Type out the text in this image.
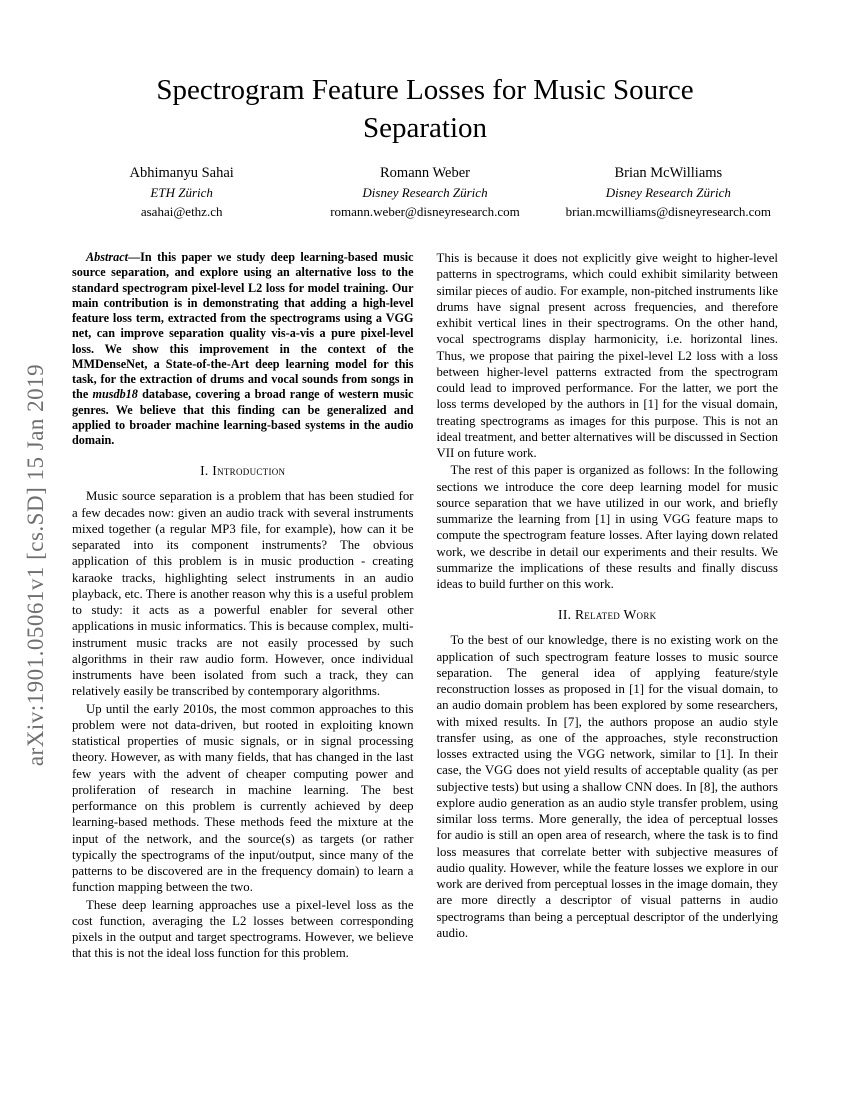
arXiv:1901.05061v1 [cs.SD] 15 Jan 2019
Spectrogram Feature Losses for Music Source Separation
Abhimanyu Sahai
ETH Zürich
asahai@ethz.ch
Romann Weber
Disney Research Zürich
romann.weber@disneyresearch.com
Brian McWilliams
Disney Research Zürich
brian.mcwilliams@disneyresearch.com

Abstract—In this paper we study deep learning-based music source separation, and explore using an alternative loss to the standard spectrogram pixel-level L2 loss for model training. Our main contribution is in demonstrating that adding a high-level feature loss term, extracted from the spectrograms using a VGG net, can improve separation quality vis-a-vis a pure pixel-level loss. We show this improvement in the context of the MMDenseNet, a State-of-the-Art deep learning model for this task, for the extraction of drums and vocal sounds from songs in the musdb18 database, covering a broad range of western music genres. We believe that this finding can be generalized and applied to broader machine learning-based systems in the audio domain.

I. Introduction

Music source separation is a problem that has been studied for a few decades now: given an audio track with several instruments mixed together (a regular MP3 file, for example), how can it be separated into its component instruments? The obvious application of this problem is in music production - creating karaoke tracks, highlighting select instruments in an audio playback, etc. There is another reason why this is a useful problem to study: it acts as a powerful enabler for several other applications in music informatics. This is because complex, multi-instrument music tracks are not easily processed by such algorithms in their raw audio form. However, once individual instruments have been isolated from such a track, they can relatively easily be transcribed by contemporary algorithms.

Up until the early 2010s, the most common approaches to this problem were not data-driven, but rooted in exploiting known statistical properties of music signals, or in signal processing theory. However, as with many fields, that has changed in the last few years with the advent of cheaper computing power and proliferation of research in machine learning. The best performance on this problem is currently achieved by deep learning-based methods. These methods feed the mixture at the input of the network, and the source(s) as targets (or rather typically the spectrograms of the input/output, since many of the patterns to be discovered are in the frequency domain) to learn a function mapping between the two.

These deep learning approaches use a pixel-level loss as the cost function, averaging the L2 losses between corresponding pixels in the output and target spectrograms. However, we believe that this is not the ideal loss function for this problem.

This is because it does not explicitly give weight to higher-level patterns in spectrograms, which could exhibit similarity between similar pieces of audio. For example, non-pitched instruments like drums have signal present across frequencies, and therefore exhibit vertical lines in their spectrograms. On the other hand, vocal spectrograms display harmonicity, i.e. horizontal lines. Thus, we propose that pairing the pixel-level L2 loss with a loss between higher-level patterns extracted from the spectrogram could lead to improved performance. For the latter, we port the loss terms developed by the authors in [1] for the visual domain, treating spectrograms as images for this purpose. This is not an ideal treatment, and better alternatives will be discussed in Section VII on future work.

The rest of this paper is organized as follows: In the following sections we introduce the core deep learning model for music source separation that we have utilized in our work, and briefly summarize the learning from [1] in using VGG feature maps to compute the spectrogram feature losses. After laying down related work, we describe in detail our experiments and their results. We summarize the implications of these results and finally discuss ideas to build further on this work.

II. Related Work

To the best of our knowledge, there is no existing work on the application of such spectrogram feature losses to music source separation. The general idea of applying feature/style reconstruction losses as proposed in [1] for the visual domain, to an audio domain problem has been explored by some researchers, with mixed results. In [7], the authors propose an audio style transfer using, as one of the approaches, style reconstruction losses extracted using the VGG network, similar to [1]. In their case, the VGG does not yield results of acceptable quality (as per subjective tests) but using a shallow CNN does. In [8], the authors explore audio generation as an audio style transfer problem, using similar loss terms. More generally, the idea of perceptual losses for audio is still an open area of research, where the task is to find loss measures that correlate better with subjective measures of audio quality. However, while the feature losses we explore in our work are derived from perceptual losses in the image domain, they are more directly a descriptor of visual patterns in audio spectrograms than being a perceptual descriptor of the underlying audio.
